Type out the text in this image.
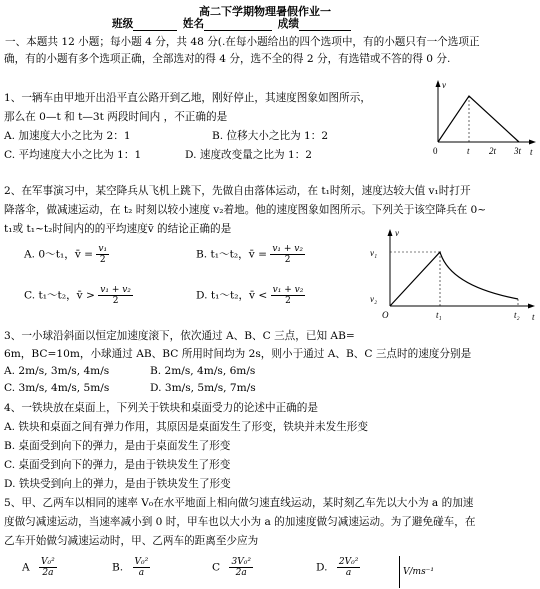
高二下学期物理暑假作业一
班级	姓名	成绩
一、本题共 12 小题；每小题 4 分，共 48 分(.在每小题给出的四个选项中，有的小题只有一个选项正
确，有的小题有多个选项正确，全部选对的得 4 分，选不全的得 2 分，有选错或不答的得 0 分.
1、一辆车由甲地开出沿平直公路开到乙地，刚好停止，其速度图象如图所示，
那么在 0—t 和 t—3t 两段时间内 ，不正确的是
A. 加速度大小之比为 2：1	B. 位移大小之比为 1：2
C. 平均速度大小之比为 1：1	D. 速度改变量之比为 1：2
v
t
0	t 2t 3t
2、在军事演习中，某空降兵从飞机上跳下，先做自由落体运动，在 t₁时刻，速度达较大值 v₁时打开
降落伞，做减速运动，在 t₂ 时刻以较小速度 v₂着地。他的速度图象如图所示。下列关于该空降兵在 0~
t₁或 t₁~t₂时间内的的平均速度v̄ 的结论正确的是
A. 0～t₁，v̄ = $\frac{\text{v₁}}{2}$	B. t₁～t₂，v̄ = $\frac{\text{v₁ + v₂}}{2}$
C. t₁～t₂，v̄ > $\frac{\text{v₁ + v₂}}{2}$	D. t₁～t₂，v̄ < $\frac{\text{v₁ + v₂}}{2}$
v
v₁
v₂
O	t₁	t₂ t
3、一小球沿斜面以恒定加速度滚下，依次通过 A、B、C 三点，已知 AB=
6m，BC=10m，小球通过 AB、BC 所用时间均为 2s，则小于通过 A、B、C 三点时的速度分别是
A. 2m/s, 3m/s, 4m/s	B. 2m/s, 4m/s, 6m/s
C. 3m/s, 4m/s, 5m/s	D. 3m/s, 5m/s, 7m/s
4、一铁块放在桌面上，下列关于铁块和桌面受力的论述中正确的是
A. 铁块和桌面之间有弹力作用，其原因是桌面发生了形变，铁块并未发生形变
B. 桌面受到向下的弹力，是由于桌面发生了形变
C. 桌面受到向下的弹力，是由于铁块发生了形变
D. 铁块受到向上的弹力，是由于铁块发生了形变
5、甲、乙两车以相同的速率 V₀在水平地面上相向做匀速直线运动，某时刻乙车先以大小为 a 的加速
度做匀减速运动，当速率减小到 0 时，甲车也以大小为 a 的加速度做匀减速运动。为了避免碰车，在
乙车开始做匀减速运动时，甲、乙两车的距离至少应为
A $\frac{\text{V₀²}}{2a}$	B. $\frac{\text{V₀²}}{a}$	C $\frac{\text{3V₀²}}{2a}$	D. $\frac{\text{2V₀²}}{a}$	V/ms⁻¹
